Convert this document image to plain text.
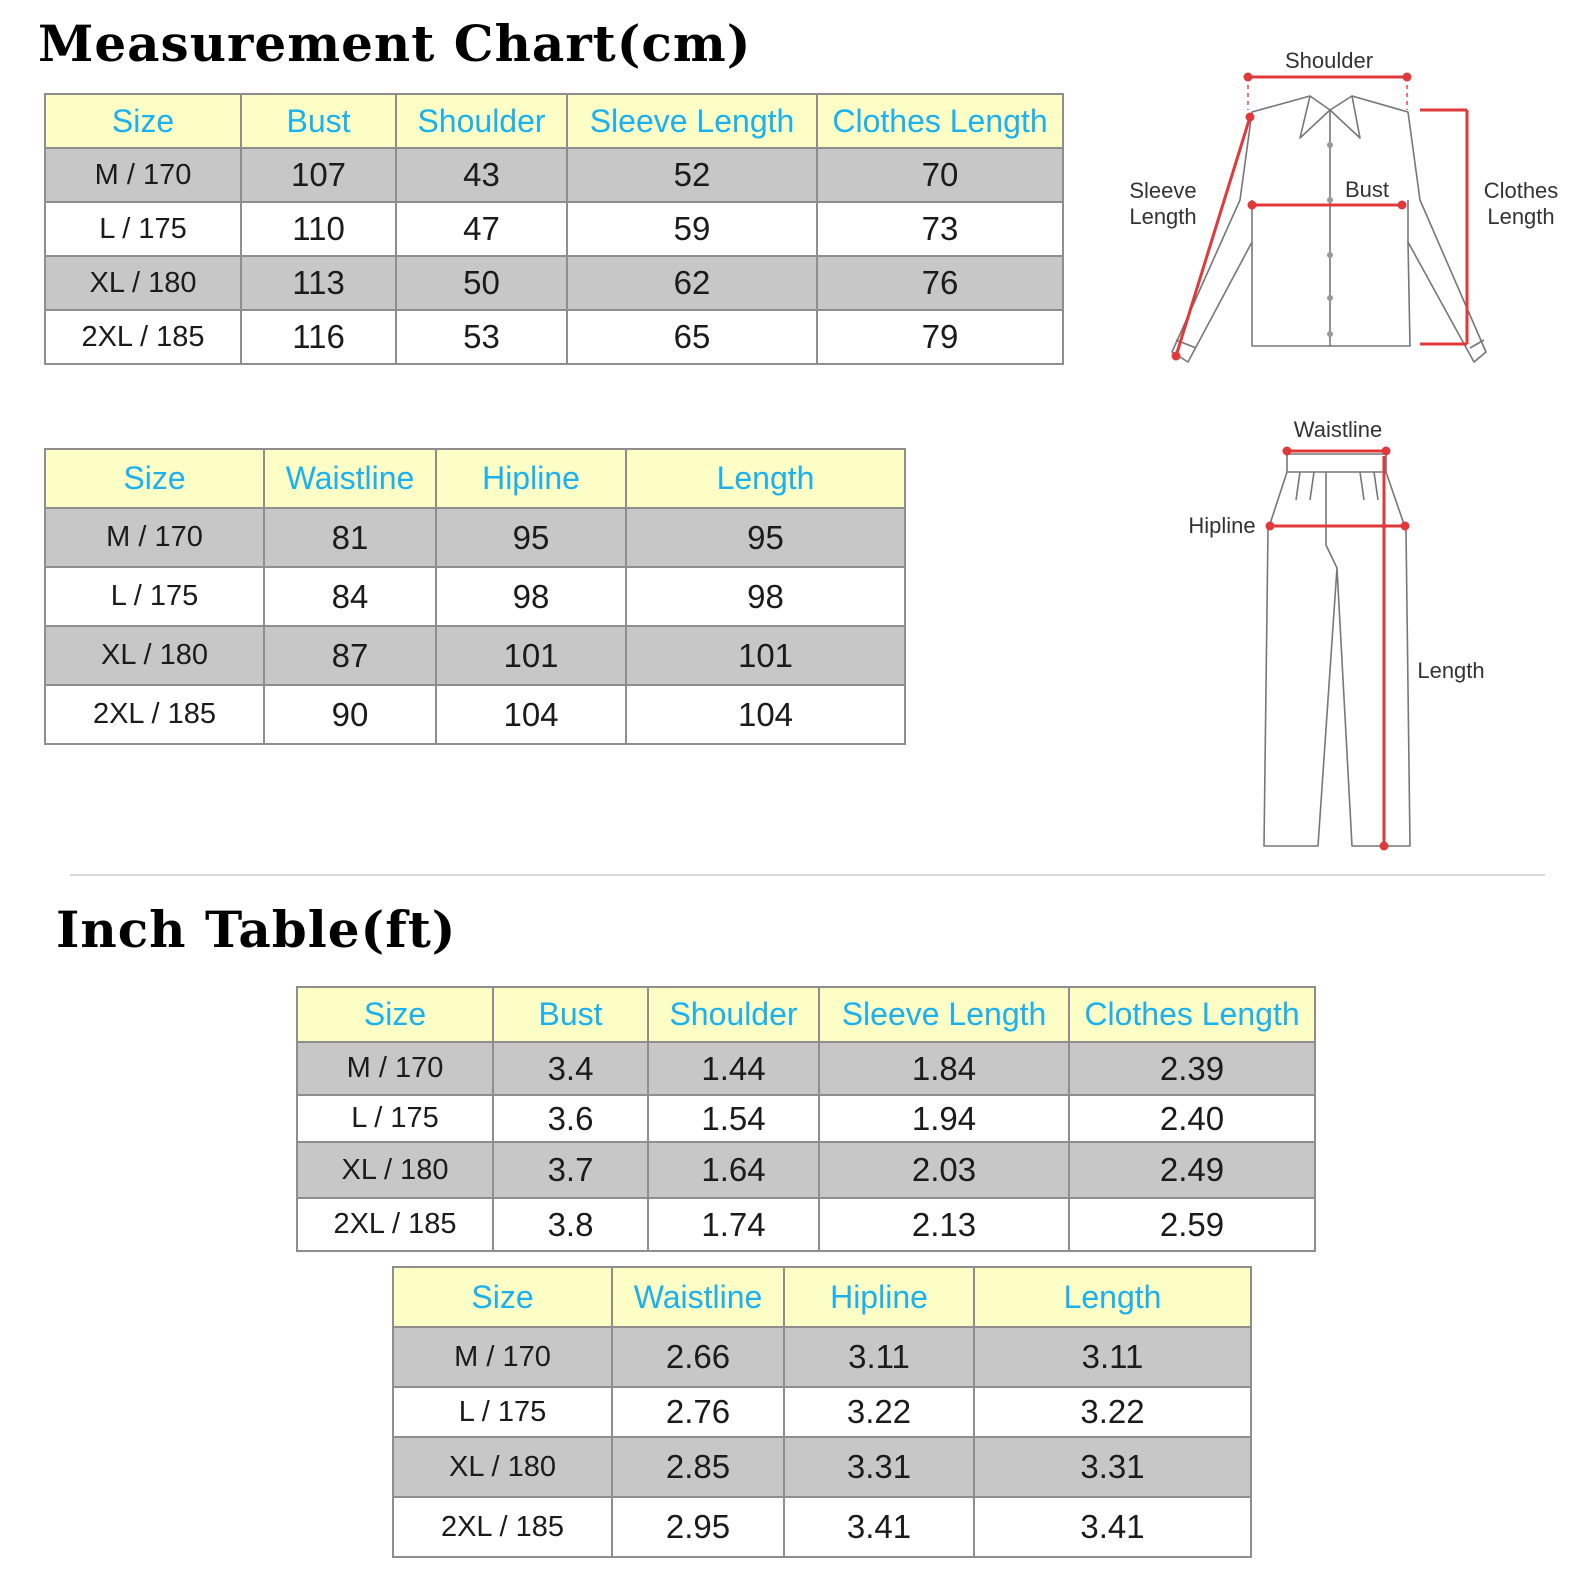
Measurement Chart(cm)
Size	Bust	Shoulder	Sleeve Length	Clothes Length
M / 170	107	43	52	70
L / 175	110	47	59	73
XL / 180	113	50	62	76
2XL / 185	116	53	65	79
Size	Waistline	Hipline	Length
M / 170	81	95	95
L / 175	84	98	98
XL / 180	87	101	101
2XL / 185	90	104	104
Shoulder
Sleeve
Length
Bust	Clothes
Length
Waistline
Hipline
Length
Inch Table(ft)
Size	Bust	Shoulder	Sleeve Length	Clothes Length
M / 170	3.4	1.44	1.84	2.39
L / 175	3.6	1.54	1.94	2.40
XL / 180	3.7	1.64	2.03	2.49
2XL / 185	3.8	1.74	2.13	2.59
Size	Waistline	Hipline	Length
M / 170	2.66	3.11	3.11
L / 175	2.76	3.22	3.22
XL / 180	2.85	3.31	3.31
2XL / 185	2.95	3.41	3.41
